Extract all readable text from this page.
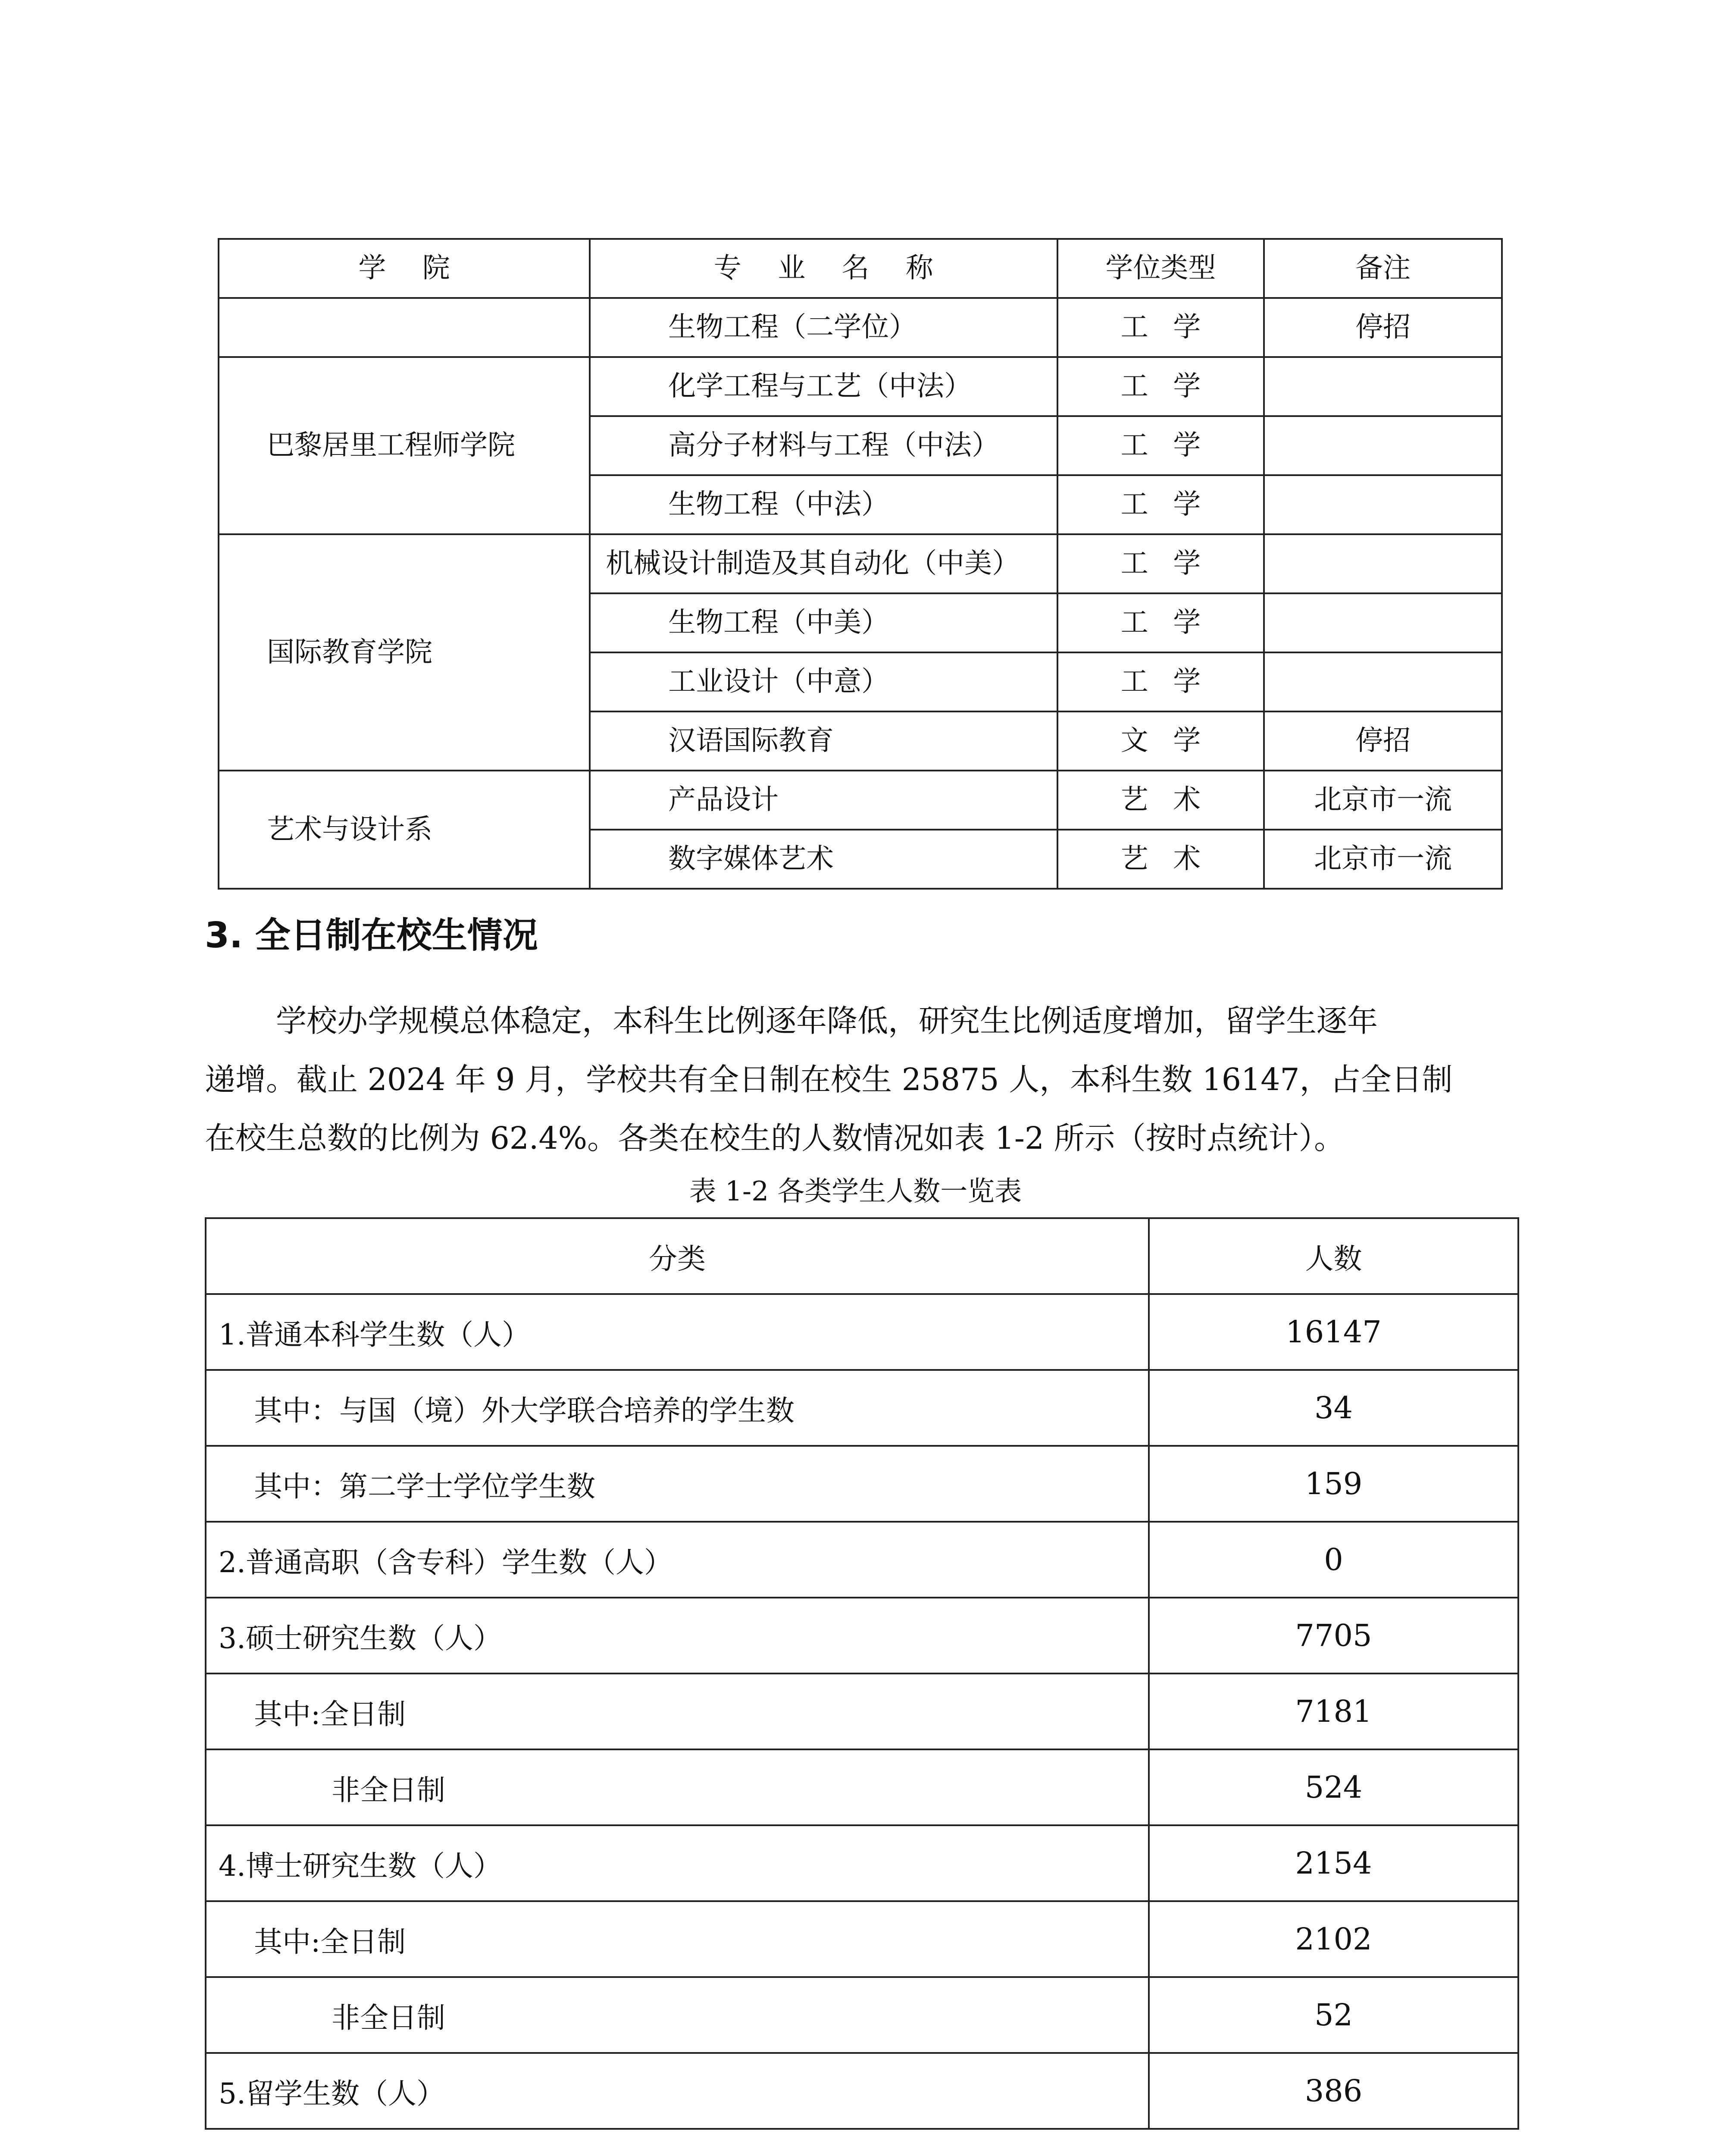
学 院	专 业 名 称	学位类型	备注
	生物工程（二学位）	工学	停招
巴黎居里工程师学院	化学工程与工艺（中法）	工学	
	高分子材料与工程（中法）	工学	
	生物工程（中法）	工学	
国际教育学院	机械设计制造及其自动化（中美）	工学	
	生物工程（中美）	工学	
	工业设计（中意）	工学	
	汉语国际教育	文学	停招
艺术与设计系	产品设计	艺术	北京市一流
	数字媒体艺术	艺术	北京市一流
3. 全日制在校生情况

学校办学规模总体稳定，本科生比例逐年降低，研究生比例适度增加，留学生逐年
递增。截止 2024 年 9 月，学校共有全日制在校生 25875 人，本科生数 16147，占全日制
在校生总数的比例为 62.4%。各类在校生的人数情况如表 1-2 所示（按时点统计）。

表 1-2 各类学生人数一览表

分类	人数
1.普通本科学生数（人）	16147
其中：与国（境）外大学联合培养的学生数	34
其中：第二学士学位学生数	159
2.普通高职（含专科）学生数（人）	0
3.硕士研究生数（人）	7705
其中:全日制	7181
非全日制	524
4.博士研究生数（人）	2154
其中:全日制	2102
非全日制	52
5.留学生数（人）	386
